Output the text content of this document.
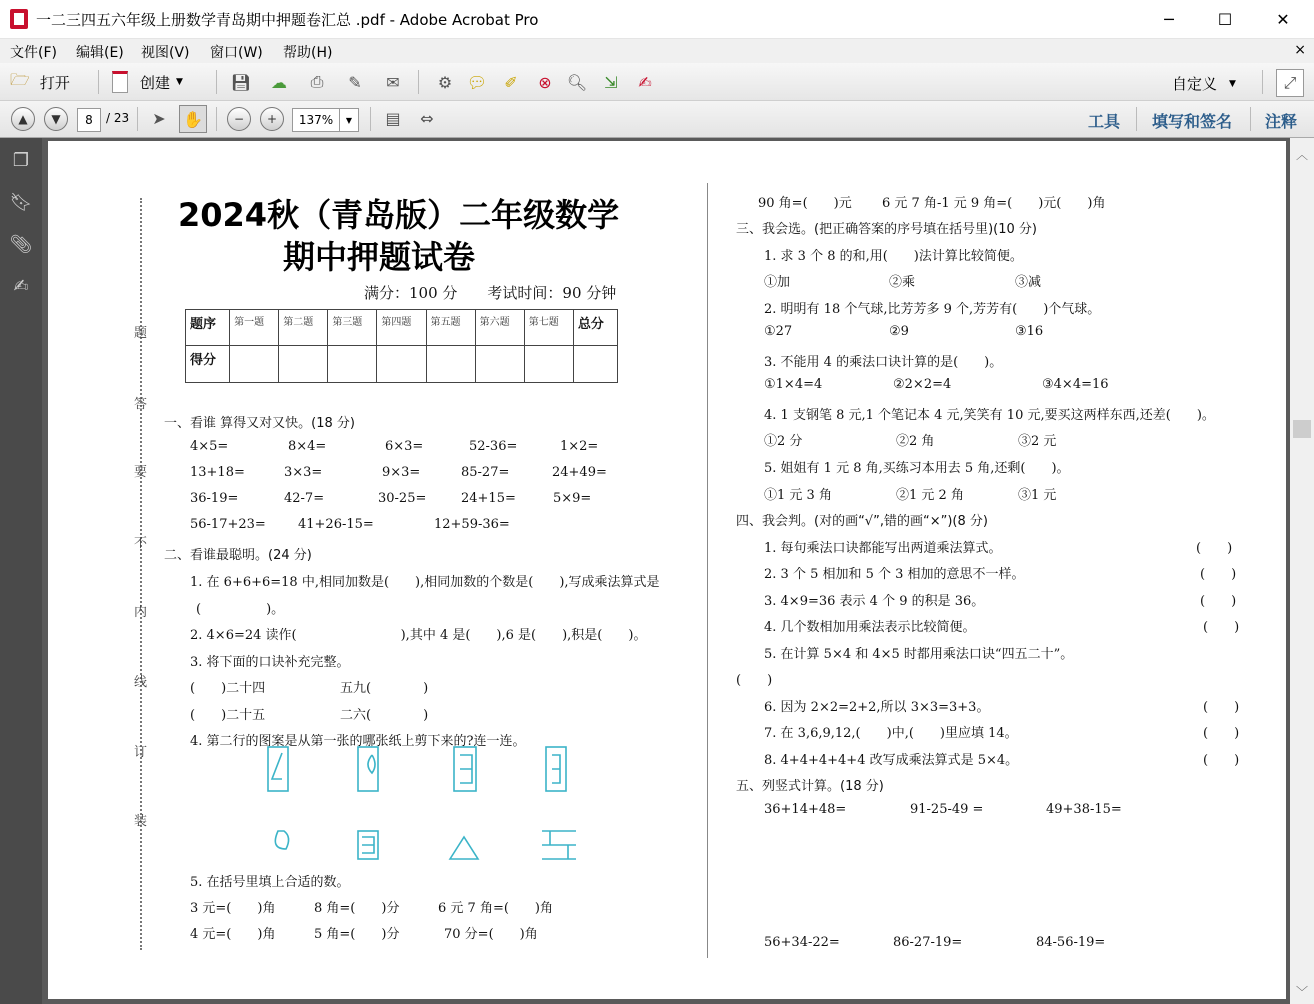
一二三四五六年级上册数学青岛期中押题卷汇总 .pdf - Adobe Acrobat Pro	─	☐	✕
文件(F) 编辑(E) 视图(V) 窗口(W) 帮助(H)	×
🗁 打开	创建 ▼	💾︎	☁	⎙	✎	✉	⚙ 💬︎	✐	⊗ 🔍︎	⇲	✍	自定义 ▼	⤢
▲	▼	8	/ 23	➤	✋	−	+	137%	▼	▤	⇔	工具 填写和签名 注释
❐
🔖︎
📎︎
✍
︿
﹀
题
答
要
不
内
线
订
装
2024秋（青岛版）二年级数学
期中押题试卷
满分：100 分　　考试时间：90 分钟
题序	第一题	第二题	第三题	第四题	第五题	第六题	第七题	总分
得分								
一、看谁 算得又对又快。(18 分)
4×5=	8×4=	6×3=	52-36=	1×2=
13+18=	3×3=	9×3=	85-27=	24+49=
36-19=	42-7=	30-25=	24+15=	5×9=
56-17+23= 41+26-15=	12+59-36=
二、看谁最聪明。(24 分)
1. 在 6+6+6=18 中,相同加数是(　　),相同加数的个数是(　　),写成乘法算式是
(　　　　　)。
2. 4×6=24 读作(　　　　　　　　),其中 4 是(　　),6 是(　　),积是(　　)。
3. 将下面的口诀补充完整。
(　　)二十四	五九(　　　　)
(　　)二十五	二六(　　　　)
4. 第二行的图案是从第一张的哪张纸上剪下来的?连一连。
5. 在括号里填上合适的数。
3 元=(　　)角	8 角=(　　)分	6 元 7 角=(　　)角
4 元=(　　)角	5 角=(　　)分	70 分=(　　)角
90 角=(　　)元 6 元 7 角-1 元 9 角=(　　)元(　　)角
三、我会选。(把正确答案的序号填在括号里)(10 分)
1. 求 3 个 8 的和,用(　　)法计算比较简便。
①加	②乘	③减
2. 明明有 18 个气球,比芳芳多 9 个,芳芳有(　　)个气球。
①27	②9	③16
3. 不能用 4 的乘法口诀计算的是(　　)。
①1×4=4	②2×2=4	③4×4=16
4. 1 支钢笔 8 元,1 个笔记本 4 元,笑笑有 10 元,要买这两样东西,还差(　　)。
①2 分	②2 角	③2 元
5. 姐姐有 1 元 8 角,买练习本用去 5 角,还剩(　　)。
①1 元 3 角	②1 元 2 角	③1 元
四、我会判。(对的画“√”,错的画“×”)(8 分)
1. 每句乘法口诀都能写出两道乘法算式。	(　　)
2. 3 个 5 相加和 5 个 3 相加的意思不一样。	(　　)
3. 4×9=36 表示 4 个 9 的积是 36。	(　　)
4. 几个数相加用乘法表示比较简便。	(　　)
5. 在计算 5×4 和 4×5 时都用乘法口诀“四五二十”。
(　　)
6. 因为 2×2=2+2,所以 3×3=3+3。	(　　)
7. 在 3,6,9,12,(　　)中,(　　)里应填 14。	(　　)
8. 4+4+4+4+4 改写成乘法算式是 5×4。	(　　)
五、列竖式计算。(18 分)
36+14+48=	91-25-49 =	49+38-15=
56+34-22=	86-27-19=	84-56-19=
